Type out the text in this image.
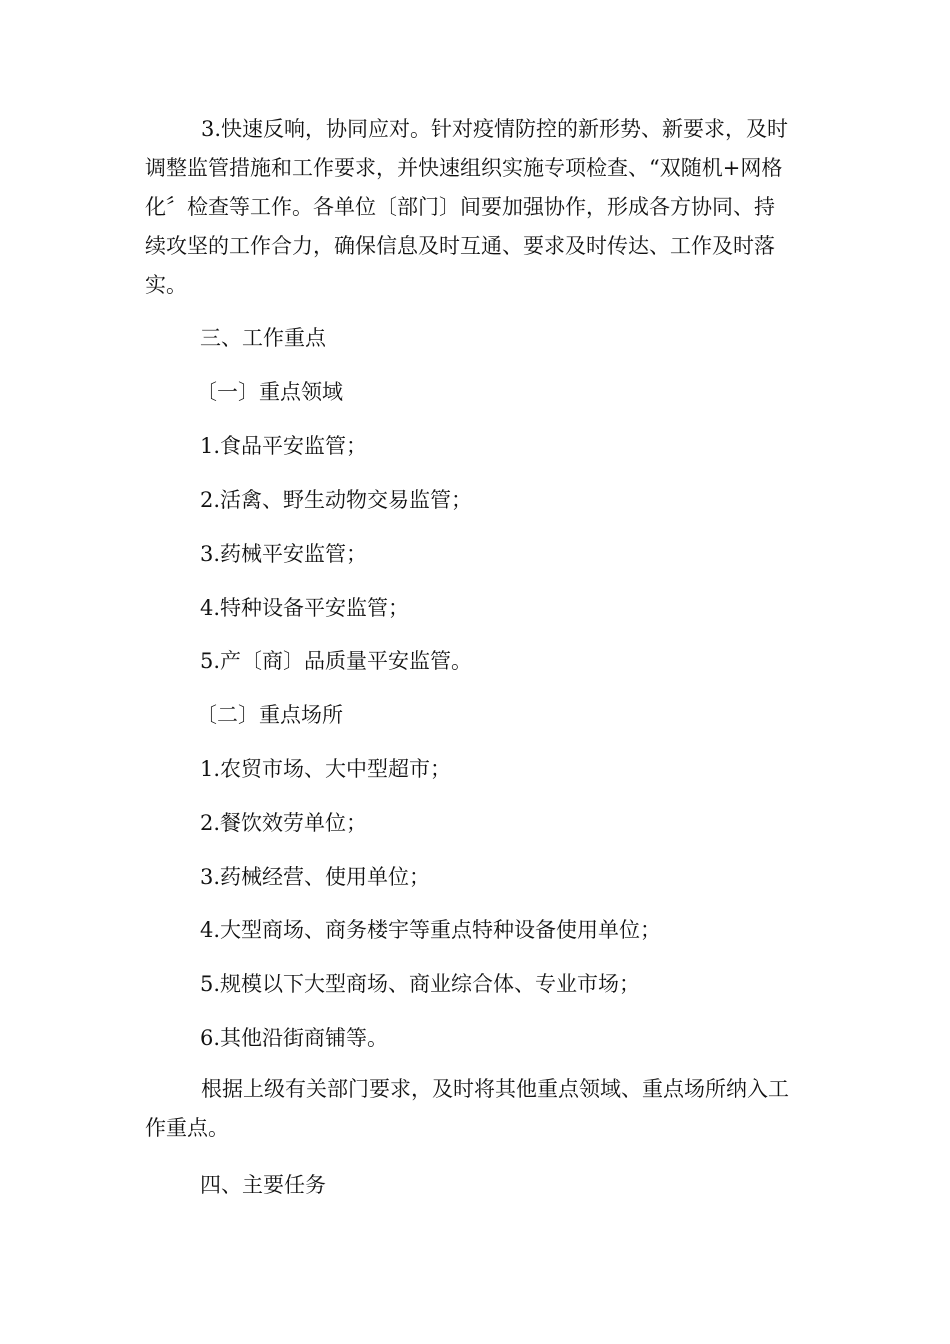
3.快速反响，协同应对。针对疫情防控的新形势、新要求，及时
调整监管措施和工作要求，并快速组织实施专项检查、“双随机+网格
化〞检查等工作。各单位〔部门〕间要加强协作，形成各方协同、持
续攻坚的工作合力，确保信息及时互通、要求及时传达、工作及时落
实。

三、工作重点

〔一〕重点领域

1.食品平安监管；

2.活禽、野生动物交易监管；

3.药械平安监管；

4.特种设备平安监管；

5.产〔商〕品质量平安监管。

〔二〕重点场所

1.农贸市场、大中型超市；

2.餐饮效劳单位；

3.药械经营、使用单位；

4.大型商场、商务楼宇等重点特种设备使用单位；

5.规模以下大型商场、商业综合体、专业市场；

6.其他沿街商铺等。

根据上级有关部门要求，及时将其他重点领域、重点场所纳入工
作重点。

四、主要任务
